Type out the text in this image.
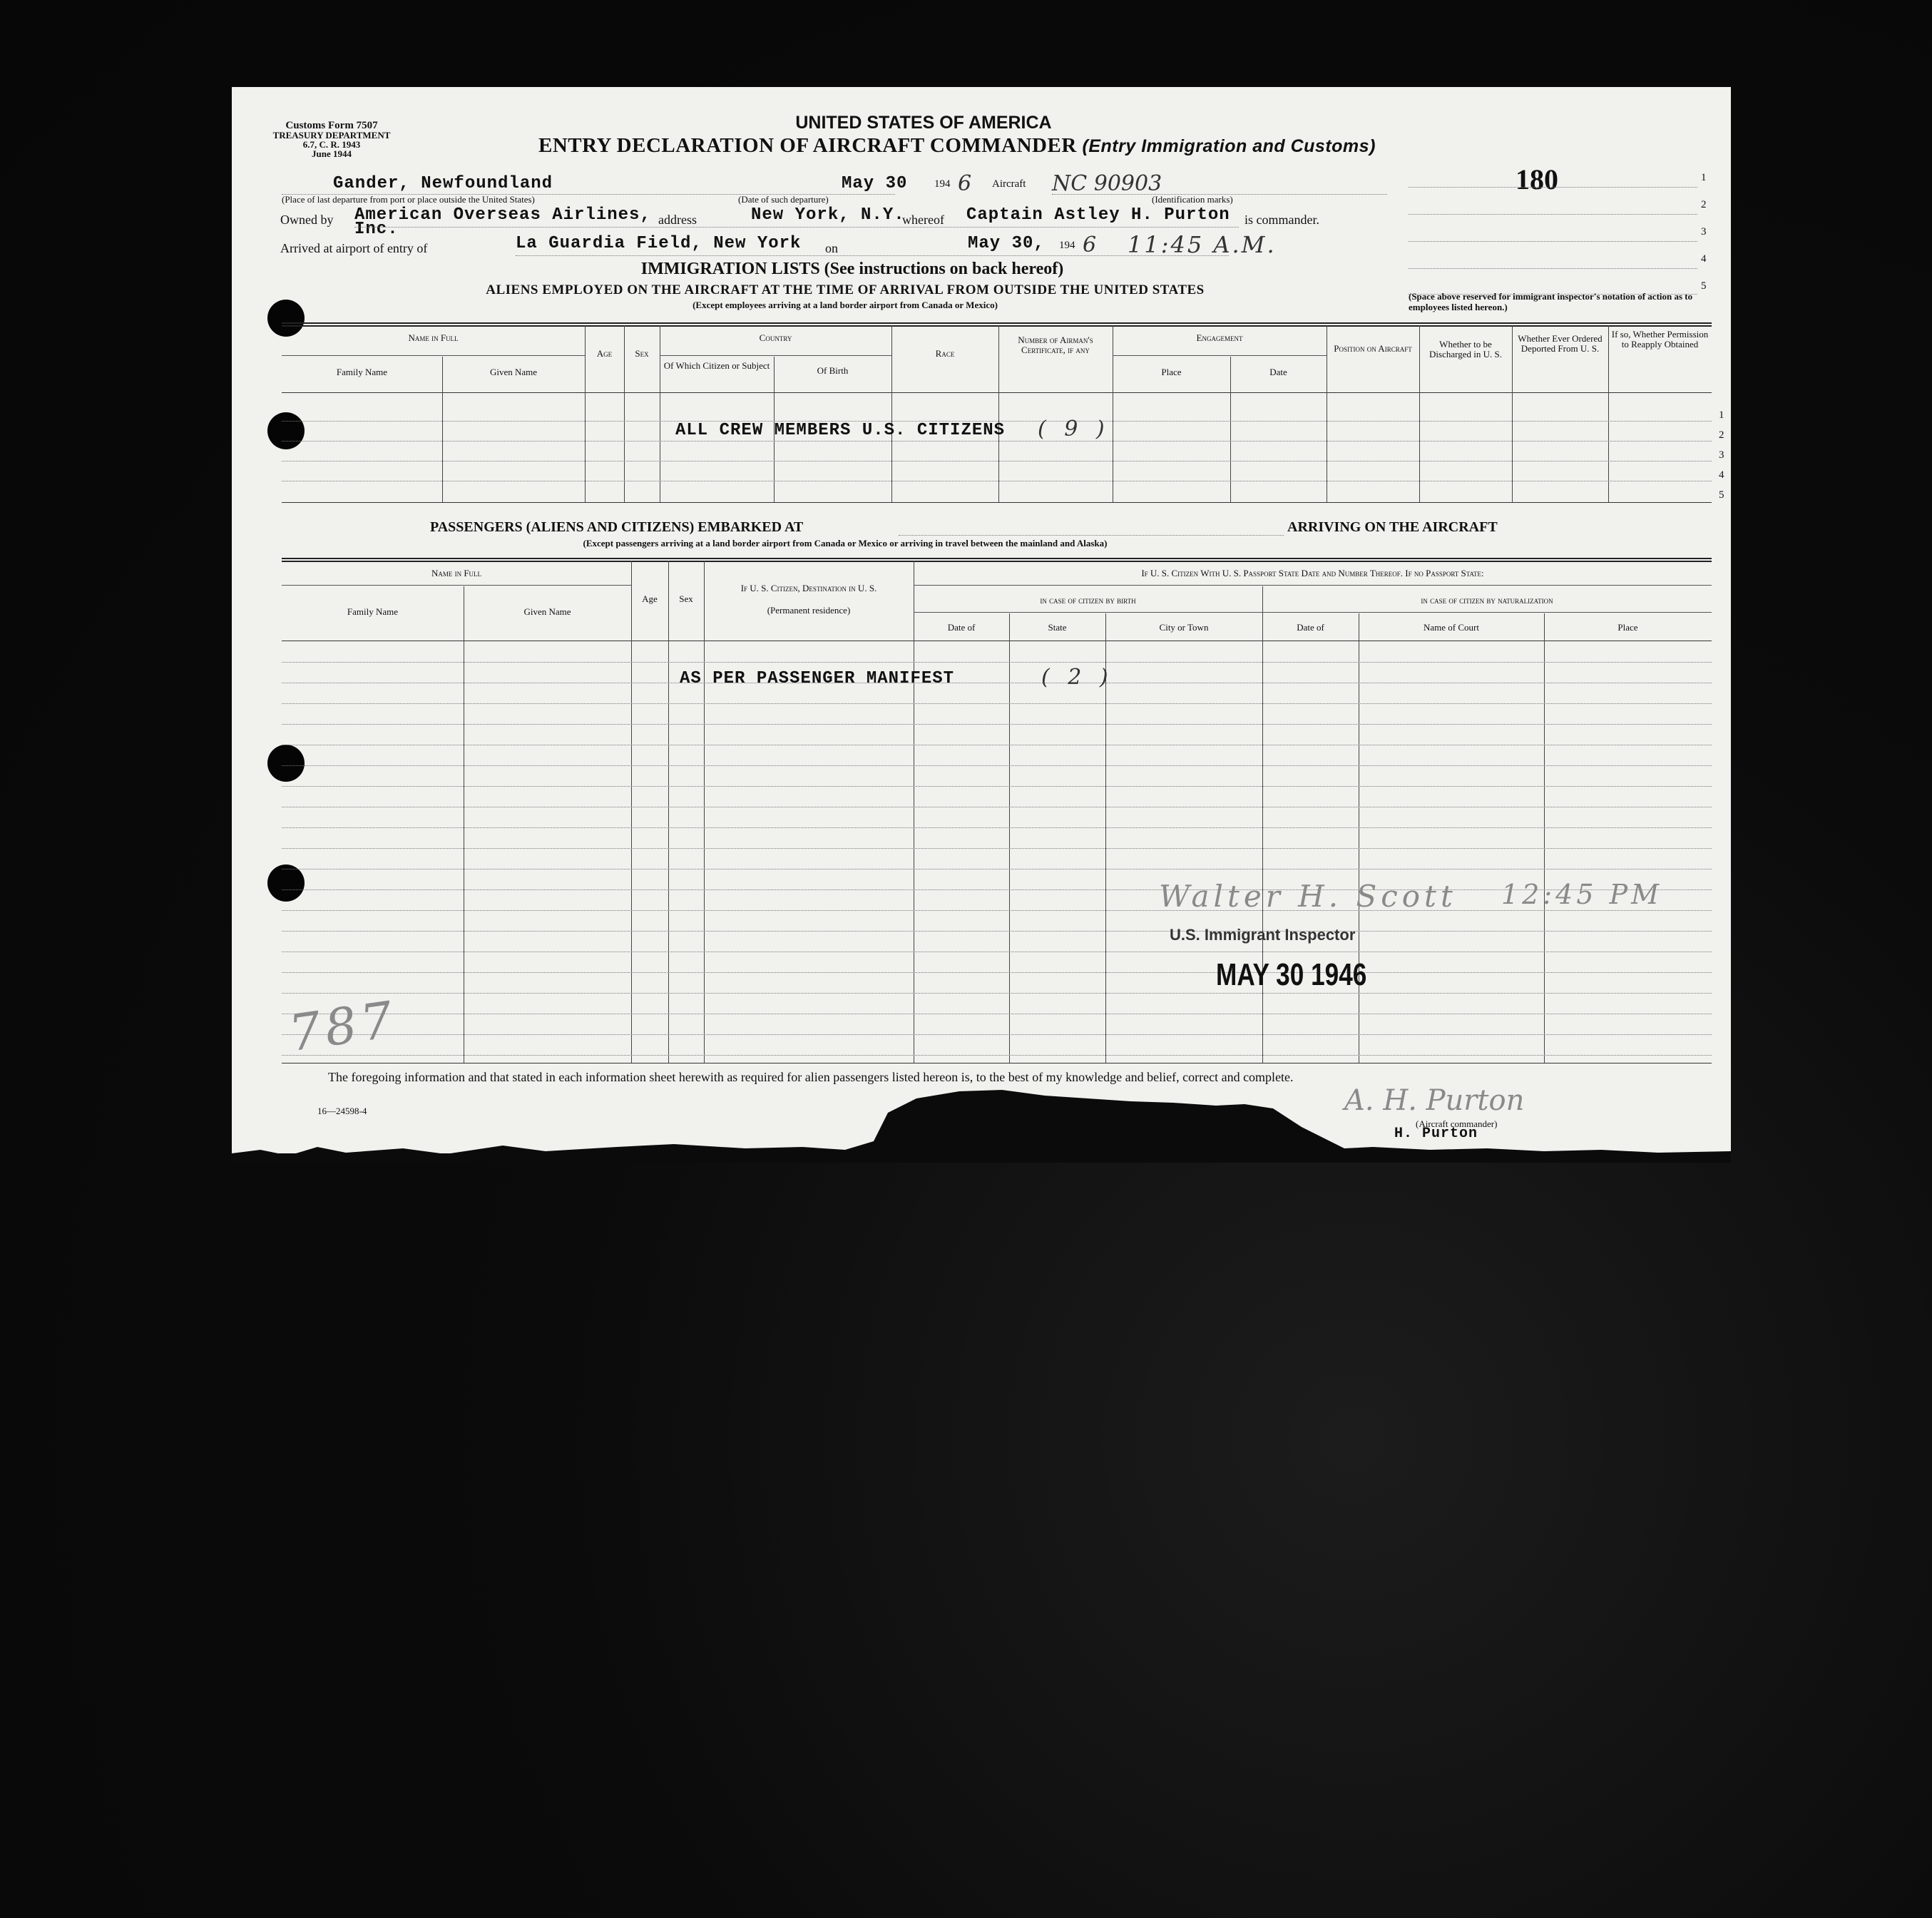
Customs Form 7507
TREASURY DEPARTMENT
6.7, C. R. 1943
June 1944
UNITED STATES OF AMERICA
ENTRY DECLARATION OF AIRCRAFT COMMANDER (Entry Immigration and Customs)
180	1
2
3
4
5
(Space above reserved for immigrant inspector's notation of action as to employees listed hereon.)
Gander, Newfoundland	May 30	194 6 Aircraft NC 90903
(Place of last departure from port or place outside the United States)	(Date of such departure)	(Identification marks)
Owned by American Overseas Airlines,
Inc.	address	New York, N.Y.
whereof Captain Astley H. Purton is commander.
Arrived at airport of entry of	La Guardia Field, New York on	May 30, 194 6 11:45 A.M.
IMMIGRATION LISTS (See instructions on back hereof)
ALIENS EMPLOYED ON THE AIRCRAFT AT THE TIME OF ARRIVAL FROM OUTSIDE THE UNITED STATES
(Except employees arriving at a land border airport from Canada or Mexico)
Name in Full
Family Name	Given Name
Age	Sex
Country
Of Which Citizen or Subject	Of Birth
Race
Number of Airman's Certificate, if any
Engagement
Place	Date
Position on Aircraft	Whether to be Discharged in U. S.
Whether Ever Ordered Deported From U. S.
If so, Whether Permission to Reapply Obtained
1
2
3
4
5
ALL CREW MEMBERS U.S. CITIZENS ( 9 )
PASSENGERS (ALIENS AND CITIZENS) EMBARKED AT	ARRIVING ON THE AIRCRAFT
(Except passengers arriving at a land border airport from Canada or Mexico or arriving in travel between the mainland and Alaska)
Name in Full
Family Name	Given Name
Age	Sex
If U. S. Citizen, Destination in U. S.
(Permanent residence)
If U. S. Citizen With U. S. Passport State Date and Number Thereof. If no Passport State:
in case of citizen by birth	in case of citizen by naturalization
Date of	State	City or Town	Date of	Name of Court	Place
AS PER PASSENGER MANIFEST	( 2 )
Walter H. Scott 12:45 PM
U.S. Immigrant Inspector
MAY 30 1946
787
The foregoing information and that stated in each information sheet herewith as required for alien passengers listed hereon is, to the best of my knowledge and belief, correct and complete.
16—24598-4	A. H. Purton
(Aircraft commander)
H. Purton
